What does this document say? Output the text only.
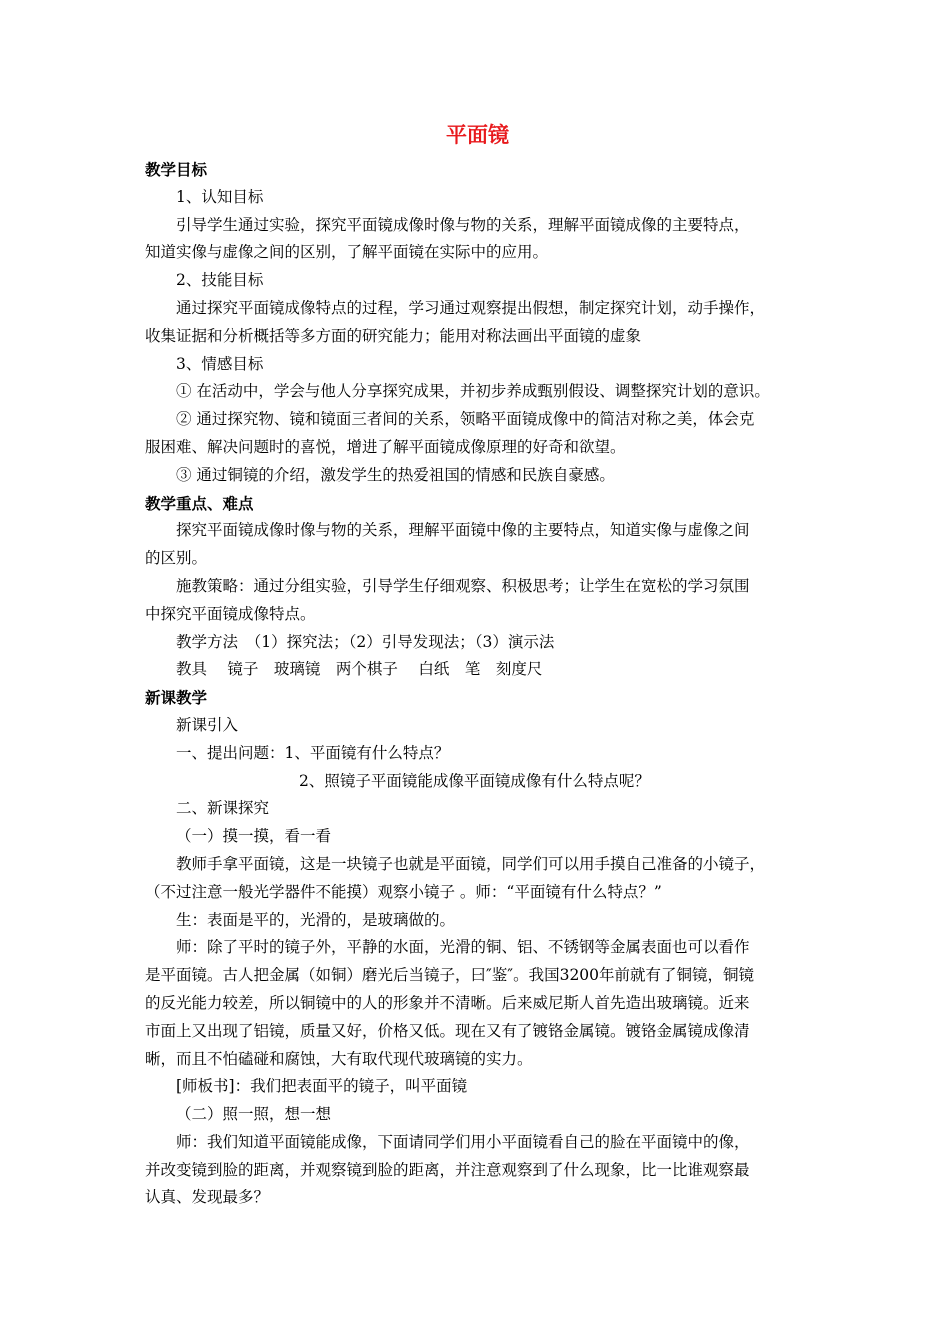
平面镜
教学目标
1、认知目标
引导学生通过实验，探究平面镜成像时像与物的关系，理解平面镜成像的主要特点，
知道实像与虚像之间的区别，了解平面镜在实际中的应用。
2、技能目标
通过探究平面镜成像特点的过程，学习通过观察提出假想，制定探究计划，动手操作，
收集证据和分析概括等多方面的研究能力；能用对称法画出平面镜的虚象
3、情感目标
① 在活动中，学会与他人分享探究成果，并初步养成甄别假设、调整探究计划的意识。
② 通过探究物、镜和镜面三者间的关系，领略平面镜成像中的简洁对称之美，体会克
服困难、解决问题时的喜悦，增进了解平面镜成像原理的好奇和欲望。
③ 通过铜镜的介绍，激发学生的热爱祖国的情感和民族自豪感。
教学重点、难点
探究平面镜成像时像与物的关系，理解平面镜中像的主要特点，知道实像与虚像之间
的区别。
施教策略：通过分组实验，引导学生仔细观察、积极思考；让学生在宽松的学习氛围
中探究平面镜成像特点。
教学方法　（1）探究法；（2）引导发现法；（3）演示法
教具　 镜子　玻璃镜　两个棋子　 白纸　笔　刻度尺
新课教学
新课引入
一、提出问题：1、平面镜有什么特点？
2、照镜子平面镜能成像平面镜成像有什么特点呢？
二、新课探究
（一）摸一摸，看一看
教师手拿平面镜，这是一块镜子也就是平面镜，同学们可以用手摸自己准备的小镜子，
（不过注意一般光学器件不能摸）观察小镜子 。师：“平面镜有什么特点？”
生：表面是平的，光滑的，是玻璃做的。
师：除了平时的镜子外，平静的水面，光滑的铜、铝、不锈钢等金属表面也可以看作
是平面镜。古人把金属（如铜）磨光后当镜子，曰″鉴″。我国3200年前就有了铜镜，铜镜
的反光能力较差，所以铜镜中的人的形象并不清晰。后来威尼斯人首先造出玻璃镜。近来
市面上又出现了铝镜，质量又好，价格又低。现在又有了镀铬金属镜。镀铬金属镜成像清
晰，而且不怕磕碰和腐蚀，大有取代现代玻璃镜的实力。
[师板书]：我们把表面平的镜子，叫平面镜
（二）照一照，想一想
师：我们知道平面镜能成像，下面请同学们用小平面镜看自己的脸在平面镜中的像，
并改变镜到脸的距离，并观察镜到脸的距离，并注意观察到了什么现象，比一比谁观察最
认真、发现最多？
